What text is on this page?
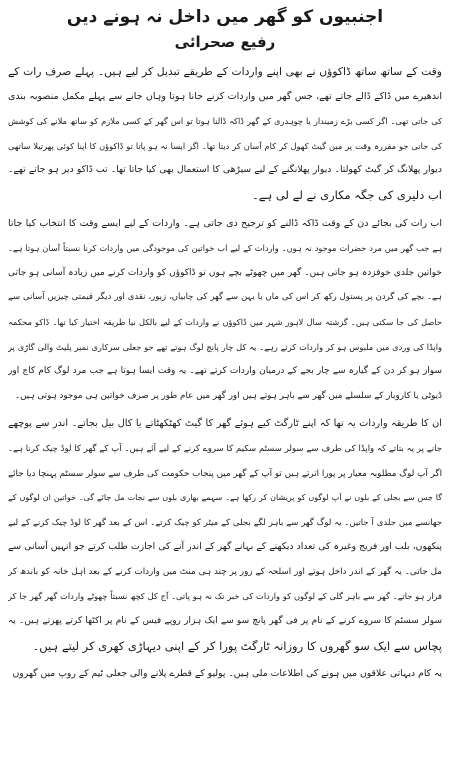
اجنبیوں کو گھر میں داخل نہ ہونے دیں
رفیع صحرائی
وقت کے ساتھ ساتھ ڈاکوؤں نے بھی اپنے واردات کے طریقے تبدیل کر لیے ہیں۔ پہلے صرف رات کے
اندھیرے میں ڈاکے ڈالے جاتے تھے، جس گھر میں واردات کرنے جانا ہوتا وہاں جانے سے پہلے مکمل منصوبہ بندی
کی جاتی تھی۔ اگر کسی بڑے زمیندار یا چوہدری کے گھر ڈاکہ ڈالنا ہوتا تو اس گھر کے کسی ملازم کو ساتھ ملانے کی کوشش
کی جاتی جو مقررہ وقت پر مین گیٹ کھول کر کام آسان کر دیتا تھا۔ اگر ایسا نہ ہو پاتا تو ڈاکوؤں کا اپنا کوئی پھرتیلا ساتھی
دیوار پھلانگ کر گیٹ کھولتا۔ دیوار پھلانگنے کے لیے سیڑھی کا استعمال بھی کیا جاتا تھا۔ تب ڈاکو دیر ہو جاتے تھے۔
اب دلیری کی جگہ مکاری نے لے لی ہے۔
اب رات کی بجائے دن کے وقت ڈاکہ ڈالنے کو ترجیح دی جاتی ہے۔ واردات کے لیے ایسے وقت کا انتخاب کیا جاتا
ہے جب گھر میں مرد حضرات موجود نہ ہوں۔ واردات کے لیے اب خواتین کی موجودگی میں واردات کرنا نسبتاً آسان ہوتا ہے۔
خواتین جلدی خوفزدہ ہو جاتی ہیں۔ گھر میں چھوٹے بچے ہوں تو ڈاکوؤں کو واردات کرنے میں زیادہ آسانی ہو جاتی
ہے۔ بچے کی گردن پر پستول رکھ کر اس کی ماں یا بہن سے گھر کی چابیاں، زیور، نقدی اور دیگر قیمتی چیزیں آسانی سے
حاصل کی جا سکتی ہیں۔ گزشتہ سال لاہور شہر میں ڈاکوؤں نے واردات کے لیے بالکل نیا طریقہ اختیار کیا تھا۔ ڈاکو محکمہ
واپڈا کی وردی میں ملبوس ہو کر واردات کرتے رہے۔ یہ کل چار پانچ لوگ ہوتے تھے جو جعلی سرکاری نمبر پلیٹ والی گاڑی پر
سوار ہو کر دن کے گیارہ سے چار بجے کے درمیان واردات کرتے تھے۔ یہ وقت ایسا ہوتا ہے جب مرد لوگ کام کاج اور
ڈیوٹی یا کاروبار کے سلسلے میں گھر سے باہر ہوتے ہیں اور گھر میں عام طور پر صرف خواتین ہی موجود ہوتی ہیں۔
ان کا طریقہ واردات یہ تھا کہ اپنے ٹارگٹ کیے ہوئے گھر کا گیٹ کھٹکھٹاتے یا کال بیل بجاتے۔ اندر سے پوچھے
جانے پر یہ بتاتے کہ واپڈا کی طرف سے سولر سسٹم سکیم کا سروے کرنے کے لیے آئے ہیں۔ آپ کے گھر کا لوڈ چیک کرنا ہے۔
اگر آپ لوگ مطلوبہ معیار پر پورا اترتے ہیں تو آپ کے گھر میں پنجاب حکومت کی طرف سے سولر سسٹم پہنچا دیا جائے
گا جس سے بجلی کے بلوں نے آپ لوگوں کو پریشان کر رکھا ہے۔ سہمے بھاری بلوں سے نجات مل جائے گی۔ خواتین ان لوگوں کے
جھانسے میں جلدی آ جاتیں۔ یہ لوگ گھر سے باہر لگے بجلی کے میٹر کو چیک کرتے۔ اس کے بعد گھر کا لوڈ چیک کرنے کے لیے
پنکھوں، بلب اور فریج وغیرہ کی تعداد دیکھنے کے بہانے گھر کے اندر آنے کی اجازت طلب کرتے جو انہیں آسانی سے
مل جاتی۔ یہ گھر کے اندر داخل ہوتے اور اسلحہ کے زور پر چند ہی منٹ میں واردات کرنے کے بعد اہل خانہ کو باندھ کر
فرار ہو جاتے۔ گھر سے باہر گلی کے لوگوں کو واردات کی خبر تک نہ ہو پاتی۔ آج کل کچھ نسبتاً چھوٹے واردات گھر گھر جا کر
سولر سسٹم کا سروے کرنے کے نام پر فی گھر پانچ سو سے ایک ہزار روپے فیس کے نام پر اکٹھا کرتے پھرتے ہیں۔ یہ
پچاس سے ایک سو گھروں کا روزانہ ٹارگٹ پورا کر کے اپنی دیہاڑی کھری کر لیتے ہیں۔
یہ کام دیہاتی علاقوں میں ہونے کی اطلاعات ملی ہیں۔ پولیو کے قطرے پلانے والی جعلی ٹیم کے روپ میں گھروں
